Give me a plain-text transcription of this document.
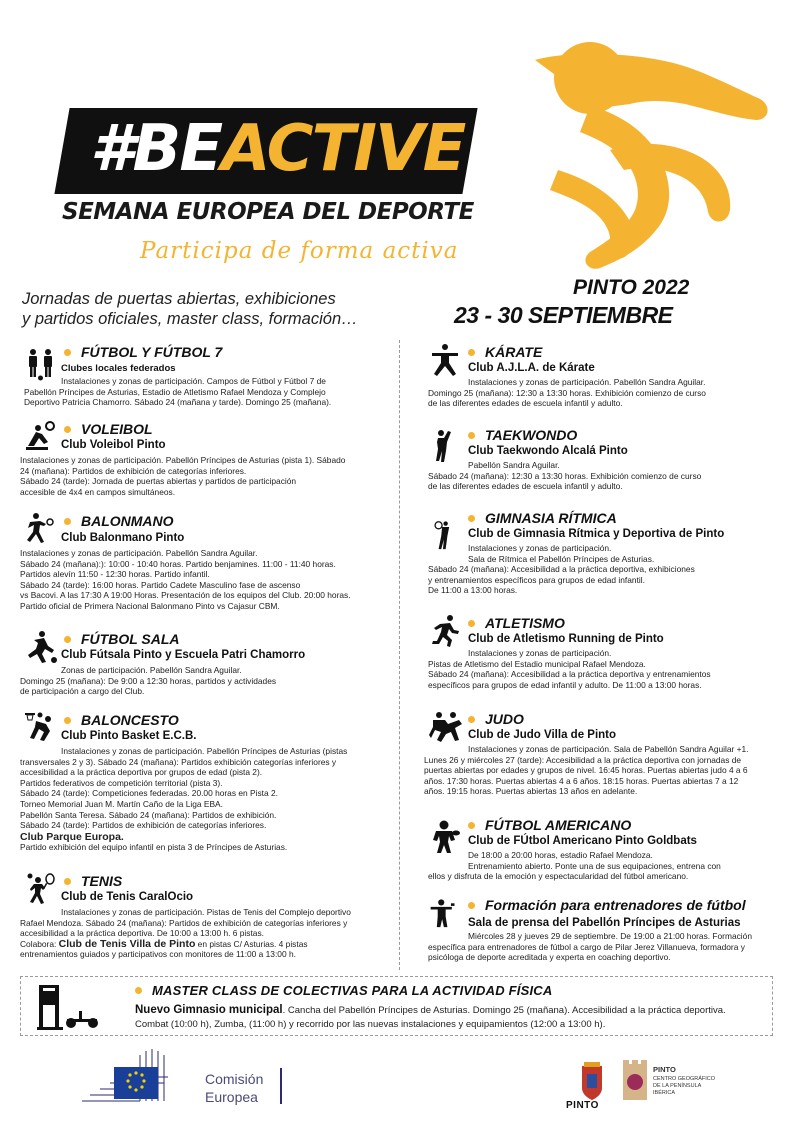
#BEACTIVE
SEMANA EUROPEA DEL DEPORTE
Participa de forma activa
Jornadas de puertas abiertas, exhibiciones
y partidos oficiales, master class, formación…
PINTO 2022
23 - 30 SEPTIEMBRE
FÚTBOL Y FÚTBOL 7
Clubes locales federados
Instalaciones y zonas de participación. Campos de Fútbol y Fútbol 7 de
Pabellón Príncipes de Asturias, Estadio de Atletismo Rafael Mendoza y Complejo
Deportivo Patricia Chamorro. Sábado 24 (mañana y tarde). Domingo 25 (mañana).
VOLEIBOL
Club Voleibol Pinto
Instalaciones y zonas de participación. Pabellón Príncipes de Asturias (pista 1). Sábado
24 (mañana): Partidos de exhibición de categorías inferiores.
Sábado 24 (tarde): Jornada de puertas abiertas y partidos de participación
accesible de 4x4 en campos simultáneos.
BALONMANO
Club Balonmano Pinto
Instalaciones y zonas de participación. Pabellón Sandra Aguilar.
Sábado 24 (mañana):): 10:00 - 10:40 horas. Partido benjamines. 11:00 - 11:40 horas.
Partidos alevín 11:50 - 12:30 horas. Partido infantil.
Sábado 24 (tarde): 16:00 horas. Partido Cadete Masculino fase de ascenso
vs Bacovi. A las 17:30 A 19:00 Horas. Presentación de los equipos del Club. 20:00 horas.
Partido oficial de Primera Nacional Balonmano Pinto vs Cajasur CBM.
FÚTBOL SALA
Club Fútsala Pinto y Escuela Patri Chamorro
Zonas de participación. Pabellón Sandra Aguilar.
Domingo 25 (mañana): De 9:00 a 12:30 horas, partidos y actividades
de participación a cargo del Club.
BALONCESTO
Club Pinto Basket E.C.B.
Instalaciones y zonas de participación. Pabellón Príncipes de Asturias (pistas
transversales 2 y 3). Sábado 24 (mañana): Partidos exhibición categorías inferiores y
accesibilidad a la práctica deportiva por grupos de edad (pista 2).
Partidos federativos de competición territorial (pista 3).
Sábado 24 (tarde): Competiciones federadas. 20.00 horas en Pista 2.
Torneo Memorial Juan M. Martín Caño de la Liga EBA.
Pabellón Santa Teresa. Sábado 24 (mañana): Partidos de exhibición.
Sábado 24 (tarde): Partidos de exhibición de categorías inferiores.
Club Parque Europa.
Partido exhibición del equipo infantil en pista 3 de Príncipes de Asturias.
TENIS
Club de Tenis CaralOcio
Instalaciones y zonas de participación. Pistas de Tenis del Complejo deportivo
Rafael Mendoza. Sábado 24 (mañana): Partidos de exhibición de categorías inferiores y
accesibilidad a la práctica deportiva. De 10:00 a 13:00 h. 6 pistas.
Colabora: Club de Tenis Villa de Pinto en pistas C/ Asturias. 4 pistas
entrenamientos guiados y participativos con monitores de 11:00 a 13:00 h.
KÁRATE
Club A.J.L.A. de Kárate
Instalaciones y zonas de participación. Pabellón Sandra Aguilar.
Domingo 25 (mañana): 12:30 a 13:30 horas. Exhibición comienzo de curso
de las diferentes edades de escuela infantil y adulto.
TAEKWONDO
Club Taekwondo Alcalá Pinto
Pabellón Sandra Aguilar.
Sábado 24 (mañana): 12:30 a 13:30 horas. Exhibición comienzo de curso
de las diferentes edades de escuela infantil y adulto.
GIMNASIA RÍTMICA
Club de Gimnasia Rítmica y Deportiva de Pinto
Instalaciones y zonas de participación.
Sala de Rítmica el Pabellón Príncipes de Asturias.
Sábado 24 (mañana): Accesibilidad a la práctica deportiva, exhibiciones
y entrenamientos específicos para grupos de edad infantil.
De 11:00 a 13:00 horas.
ATLETISMO
Club de Atletismo Running de Pinto
Instalaciones y zonas de participación.
Pistas de Atletismo del Estadio municipal Rafael Mendoza.
Sábado 24 (mañana): Accesibilidad a la práctica deportiva y entrenamientos
específicos para grupos de edad infantil y adulto. De 11:00 a 13:00 horas.
JUDO
Club de Judo Villa de Pinto
Instalaciones y zonas de participación. Sala de Pabellón Sandra Aguilar +1.
Lunes 26 y miércoles 27 (tarde): Accesibilidad a la práctica deportiva con jornadas de
puertas abiertas por edades y grupos de nivel. 16:45 horas. Puertas abiertas judo 4 a 6
años. 17:30 horas. Puertas abiertas 4 a 6 años. 18:15 horas. Puertas abiertas 7 a 12
años. 19:15 horas. Puertas abiertas 13 años en adelante.
FÚTBOL AMERICANO
Club de FÚtbol Americano Pinto Goldbats
De 18:00 a 20:00 horas, estadio Rafael Mendoza.
Entrenamiento abierto. Ponte una de sus equipaciones, entrena con
ellos y disfruta de la emoción y espectacularidad del fútbol americano.
Formación para entrenadores de fútbol
Sala de prensa del Pabellón Príncipes de Asturias
Miércoles 28 y jueves 29 de septiembre. De 19:00 a 21:00 horas. Formación
específica para entrenadores de fútbol a cargo de Pilar Jerez Villanueva, formadora y
psicóloga de deporte acreditada y experta en coaching deportivo.
MASTER CLASS DE COLECTIVAS PARA LA ACTIVIDAD FÍSICA
Nuevo Gimnasio municipal. Cancha del Pabellón Príncipes de Asturias. Domingo 25 (mañana). Accesibilidad a la práctica deportiva.
Combat (10:00 h), Zumba, (11:00 h) y recorrido por las nuevas instalaciones y equipamientos (12:00 a 13:00 h).
Comisión
Europea
PINTO
PINTO
CENTRO GEOGRÁFICO DE LA PENÍNSULA IBÉRICA
